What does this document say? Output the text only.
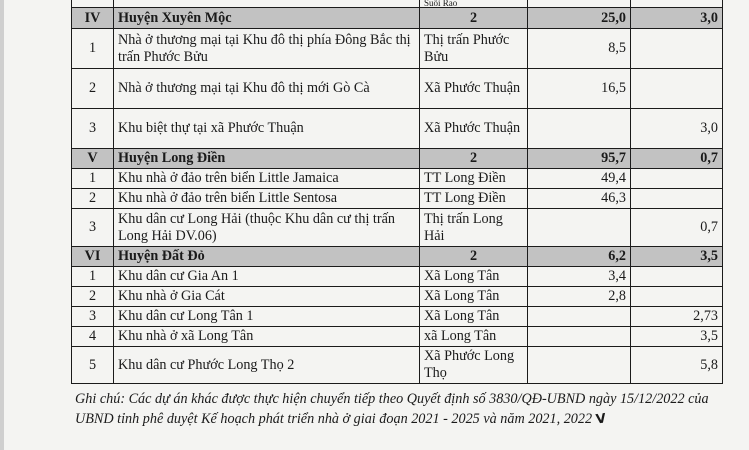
		Suối Rao		
IV	Huyện Xuyên Mộc	2	25,0	3,0
1	Nhà ở thương mại tại Khu đô thị phía Đông Bắc thị trấn Phước Bửu	Thị trấn Phước Bửu	8,5	
2	Nhà ở thương mại tại Khu đô thị mới Gò Cà	Xã Phước Thuận	16,5	
3	Khu biệt thự tại xã Phước Thuận	Xã Phước Thuận		3,0
V	Huyện Long Điền	2	95,7	0,7
1	Khu nhà ở đảo trên biển Little Jamaica	TT Long Điền	49,4	
2	Khu nhà ở đảo trên biển Little Sentosa	TT Long Điền	46,3	
3	Khu dân cư Long Hải (thuộc Khu dân cư thị trấn Long Hải DV.06)	Thị trấn Long Hải		0,7
VI	Huyện Đất Đỏ	2	6,2	3,5
1	Khu dân cư Gia An 1	Xã Long Tân	3,4	
2	Khu nhà ở Gia Cát	Xã Long Tân	2,8	
3	Khu dân cư Long Tân 1	Xã Long Tân		2,73
4	Khu nhà ở xã Long Tân	xã Long Tân		3,5
5	Khu dân cư Phước Long Thọ 2	Xã Phước Long Thọ		5,8
Ghi chú: Các dự án khác được thực hiện chuyển tiếp theo Quyết định số 3830/QĐ-UBND ngày 15/12/2022 của UBND tỉnh phê duyệt Kế hoạch phát triển nhà ở giai đoạn 2021 - 2025 và năm 2021, 2022 V
